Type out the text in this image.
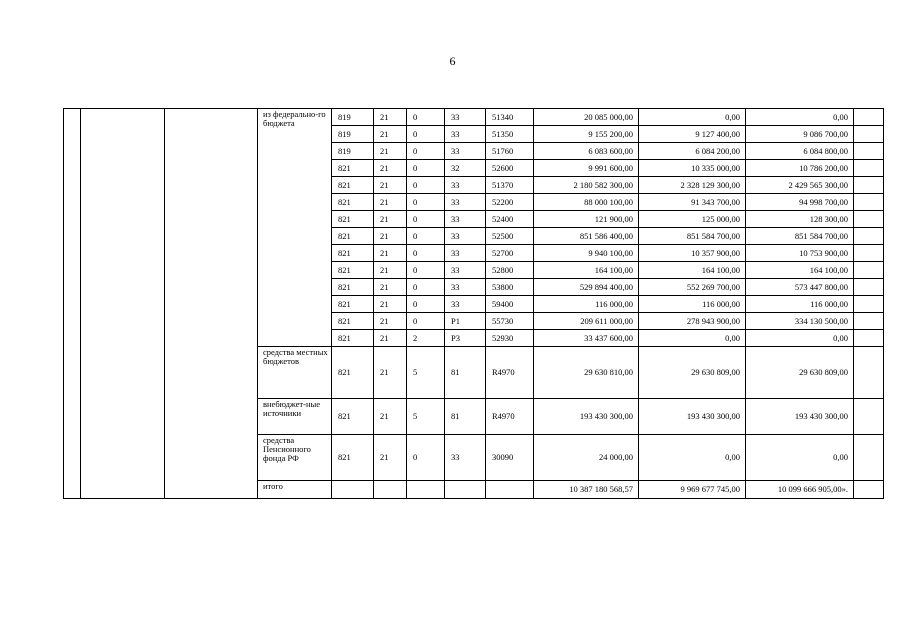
6
			из федерально-го бюджета	819	21	0	33	51340	20 085 000,00	0,00	0,00	
				819	21	0	33	51350	9 155 200,00	9 127 400,00	9 086 700,00	
				819	21	0	33	51760	6 083 600,00	6 084 200,00	6 084 800,00	
				821	21	0	32	52600	9 991 600,00	10 335 000,00	10 786 200,00	
				821	21	0	33	51370	2 180 582 300,00	2 328 129 300,00	2 429 565 300,00	
				821	21	0	33	52200	88 000 100,00	91 343 700,00	94 998 700,00	
				821	21	0	33	52400	121 900,00	125 000,00	128 300,00	
				821	21	0	33	52500	851 586 400,00	851 584 700,00	851 584 700,00	
				821	21	0	33	52700	9 940 100,00	10 357 900,00	10 753 900,00	
				821	21	0	33	52800	164 100,00	164 100,00	164 100,00	
				821	21	0	33	53800	529 894 400,00	552 269 700,00	573 447 800,00	
				821	21	0	33	59400	116 000,00	116 000,00	116 000,00	
				821	21	0	P1	55730	209 611 000,00	278 943 900,00	334 130 500,00	
				821	21	2	P3	52930	33 437 600,00	0,00	0,00	
			средства местных бюджетов	821	21	5	81	R4970	29 630 810,00	29 630 809,00	29 630 809,00	
			внебюджет-ные источники	821	21	5	81	R4970	193 430 300,00	193 430 300,00	193 430 300,00	
			средства Пенсионного фонда РФ	821	21	0	33	30090	24 000,00	0,00	0,00	
			итого						10 387 180 568,57	9 969 677 745,00	10 099 666 905,00».	
